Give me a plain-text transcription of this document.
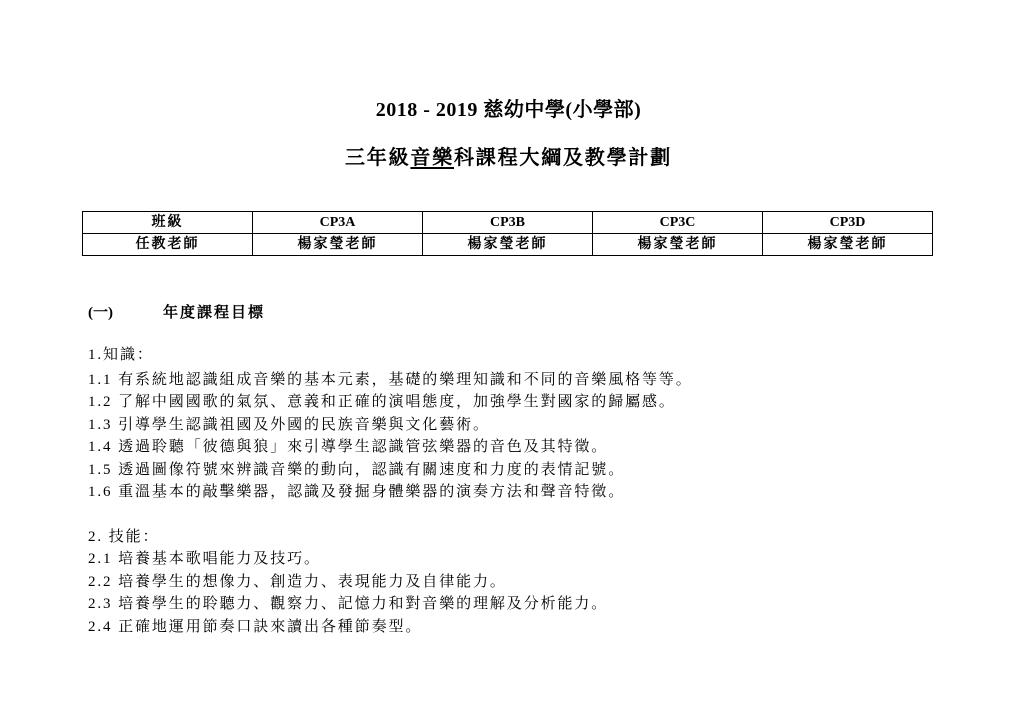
2018 - 2019 慈幼中學(小學部)
三年級音樂科課程大綱及教學計劃
班級	CP3A	CP3B	CP3C	CP3D
任教老師	楊家瑩老師	楊家瑩老師	楊家瑩老師	楊家瑩老師
(一)	年度課程目標
1.知識：
1.1 有系統地認識組成音樂的基本元素，基礎的樂理知識和不同的音樂風格等等。
1.2 了解中國國歌的氣氛、意義和正確的演唱態度，加強學生對國家的歸屬感。
1.3 引導學生認識祖國及外國的民族音樂與文化藝術。
1.4 透過聆聽「彼德與狼」來引導學生認識管弦樂器的音色及其特徵。
1.5 透過圖像符號來辨識音樂的動向，認識有關速度和力度的表情記號。
1.6 重溫基本的敲擊樂器，認識及發掘身體樂器的演奏方法和聲音特徵。
2. 技能：
2.1 培養基本歌唱能力及技巧。
2.2 培養學生的想像力、創造力、表現能力及自律能力。
2.3 培養學生的聆聽力、觀察力、記憶力和對音樂的理解及分析能力。
2.4 正確地運用節奏口訣來讀出各種節奏型。
